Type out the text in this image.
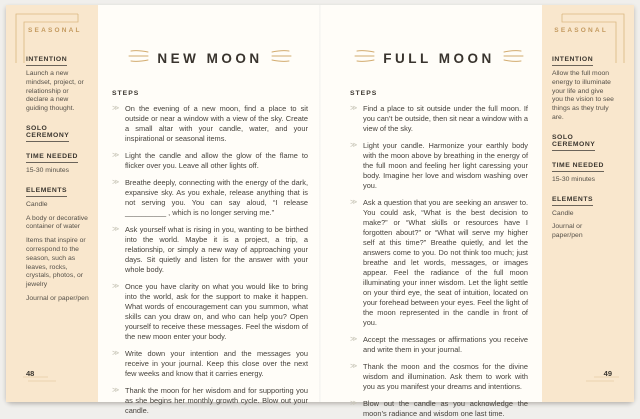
SEASONAL
INTENTION

Launch a new mindset, project, or relationship or declare a new guiding thought.

SOLO CEREMONY
TIME NEEDED

15-30 minutes

ELEMENTS

Candle

A body or decorative container of water

Items that inspire or correspond to the season, such as leaves, rocks, crystals, photos, or jewelry

Journal or paper/pen

48
NEW MOON
STEPS

≫ On the evening of a new moon, find a place to sit outside or near a window with a view of the sky. Create a small altar with your candle, water, and your inspirational or seasonal items.

≫ Light the candle and allow the glow of the flame to flicker over you. Leave all other lights off.

≫ Breathe deeply, connecting with the energy of the dark, expansive sky. As you exhale, release anything that is not serving you. You can say aloud, “I release __________ , which is no longer serving me.”

≫ Ask yourself what is rising in you, wanting to be birthed into the world. Maybe it is a project, a trip, a relationship, or simply a new way of approaching your days. Sit quietly and listen for the answer with your whole body.

≫ Once you have clarity on what you would like to bring into the world, ask for the support to make it happen. What words of encouragement can you summon, what skills can you draw on, and who can help you? Open yourself to receive these messages. Feel the wisdom of the new moon enter your body.

≫ Write down your intention and the messages you receive in your journal. Keep this close over the next few weeks and know that it carries energy.

≫ Thank the moon for her wisdom and for supporting you as she begins her monthly growth cycle. Blow out your candle.

FULL MOON
STEPS

≫ Find a place to sit outside under the full moon. If you can’t be outside, then sit near a window with a view of the sky.

≫ Light your candle. Harmonize your earthly body with the moon above by breathing in the energy of the full moon and feeling her light caressing your body. Imagine her love and wisdom washing over you.

≫ Ask a question that you are seeking an answer to. You could ask, “What is the best decision to make?” or “What skills or resources have I forgotten about?” or “What will serve my higher self at this time?” Breathe quietly, and let the answers come to you. Do not think too much; just breathe and let words, messages, or images appear. Feel the radiance of the full moon illuminating your inner wisdom. Let the light settle on your third eye, the seat of intuition, located on your forehead between your eyes. Feel the light of the moon represented in the candle in front of you.

≫ Accept the messages or affirmations you receive and write them in your journal.

≫ Thank the moon and the cosmos for the divine wisdom and illumination. Ask them to work with you as you manifest your dreams and intentions.

≫ Blow out the candle as you acknowledge the moon’s radiance and wisdom one last time.

SEASONAL
INTENTION

Allow the full moon energy to illuminate your life and give you the vision to see things as they truly are.

SOLO CEREMONY
TIME NEEDED

15-30 minutes

ELEMENTS

Candle

Journal or paper/pen

49
